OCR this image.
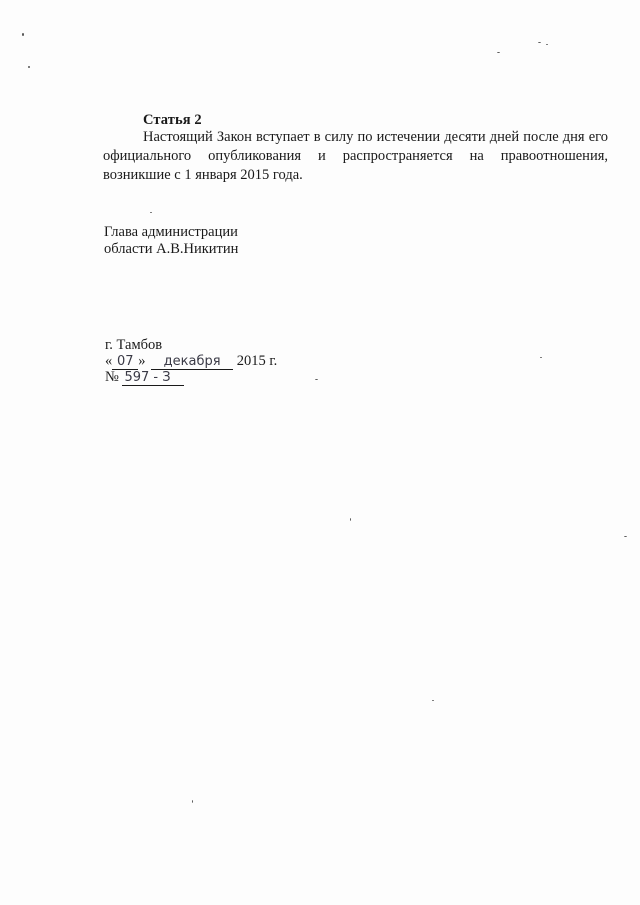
Статья 2

Настоящий Закон вступает в силу по истечении десяти дней после дня его официального опубликования и распространяется на правоотношения, возникшие с 1 января 2015 года.

Глава администрации
области А.В.Никитин
г. Тамбов
« 07 » декабря 2015 г.
№ 597 - З
